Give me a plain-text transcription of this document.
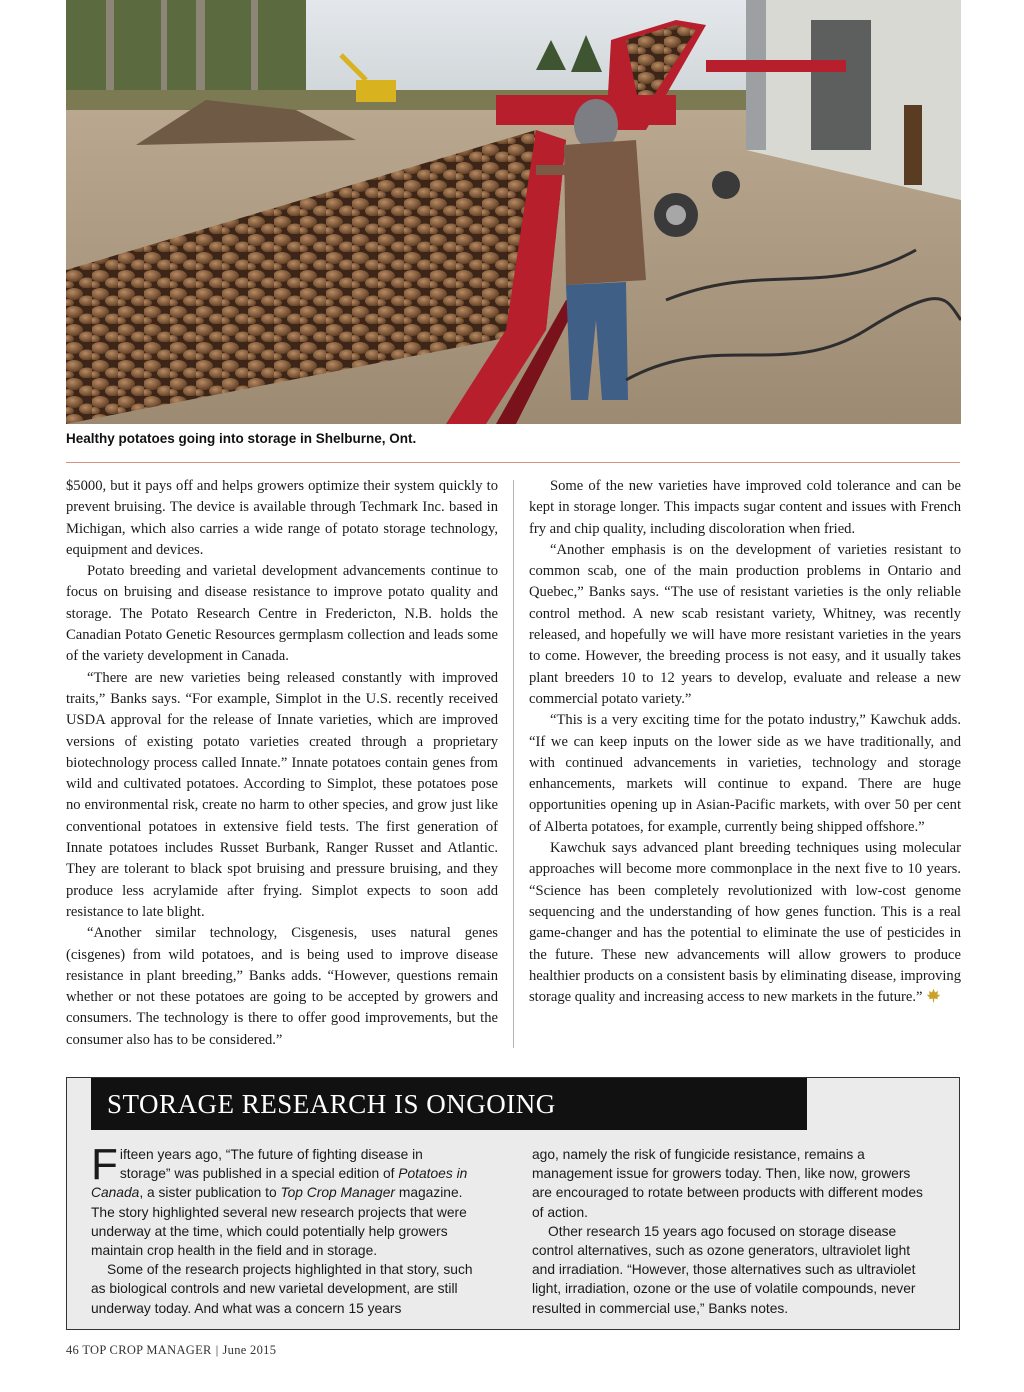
Healthy potatoes going into storage in Shelburne, Ont.

$5000, but it pays off and helps growers optimize their system quickly to prevent bruising. The device is available through Techmark Inc. based in Michigan, which also carries a wide range of potato storage technology, equipment and devices.

Potato breeding and varietal development advancements continue to focus on bruising and disease resistance to improve potato quality and storage. The Potato Research Centre in Fredericton, N.B. holds the Canadian Potato Genetic Resources germplasm collection and leads some of the variety development in Canada.

“There are new varieties being released constantly with improved traits,” Banks says. “For example, Simplot in the U.S. recently received USDA approval for the release of Innate varieties, which are improved versions of existing potato varieties created through a proprietary biotechnology process called Innate.” Innate potatoes contain genes from wild and cultivated potatoes. According to Simplot, these potatoes pose no environmental risk, create no harm to other species, and grow just like conventional potatoes in extensive field tests. The first generation of Innate potatoes includes Russet Burbank, Ranger Russet and Atlantic. They are tolerant to black spot bruising and pressure bruising, and they produce less acrylamide after frying. Simplot expects to soon add resistance to late blight.

“Another similar technology, Cisgenesis, uses natural genes (cisgenes) from wild potatoes, and is being used to improve disease resistance in plant breeding,” Banks adds. “However, questions remain whether or not these potatoes are going to be accepted by growers and consumers. The technology is there to offer good improvements, but the consumer also has to be considered.”

Some of the new varieties have improved cold tolerance and can be kept in storage longer. This impacts sugar content and issues with French fry and chip quality, including discoloration when fried.

“Another emphasis is on the development of varieties resistant to common scab, one of the main production problems in Ontario and Quebec,” Banks says. “The use of resistant varieties is the only reliable control method. A new scab resistant variety, Whitney, was recently released, and hopefully we will have more resistant varieties in the years to come. However, the breeding process is not easy, and it usually takes plant breeders 10 to 12 years to develop, evaluate and release a new commercial potato variety.”

“This is a very exciting time for the potato industry,” Kawchuk adds. “If we can keep inputs on the lower side as we have traditionally, and with continued advancements in varieties, technology and storage enhancements, markets will continue to expand. There are huge opportunities opening up in Asian-Pacific markets, with over 50 per cent of Alberta potatoes, for example, currently being shipped offshore.”

Kawchuk says advanced plant breeding techniques using molecular approaches will become more commonplace in the next five to 10 years. “Science has been completely revolutionized with low-cost genome sequencing and the understanding of how genes function. This is a real game-changer and has the potential to eliminate the use of pesticides in the future. These new advancements will allow growers to produce healthier products on a consistent basis by eliminating disease, improving storage quality and increasing access to new markets in the future.”

STORAGE RESEARCH IS ONGOING

Fifteen years ago, “The future of fighting disease in storage” was published in a special edition of Potatoes in Canada, a sister publication to Top Crop Manager magazine. The story highlighted several new research projects that were underway at the time, which could potentially help growers maintain crop health in the field and in storage.

Some of the research projects highlighted in that story, such as biological controls and new varietal development, are still underway today. And what was a concern 15 years

ago, namely the risk of fungicide resistance, remains a management issue for growers today. Then, like now, growers are encouraged to rotate between products with different modes of action.

Other research 15 years ago focused on storage disease control alternatives, such as ozone generators, ultraviolet light and irradiation. “However, those alternatives such as ultraviolet light, irradiation, ozone or the use of volatile compounds, never resulted in commercial use,” Banks notes.

46 TOP CROP MANAGER | June 2015
